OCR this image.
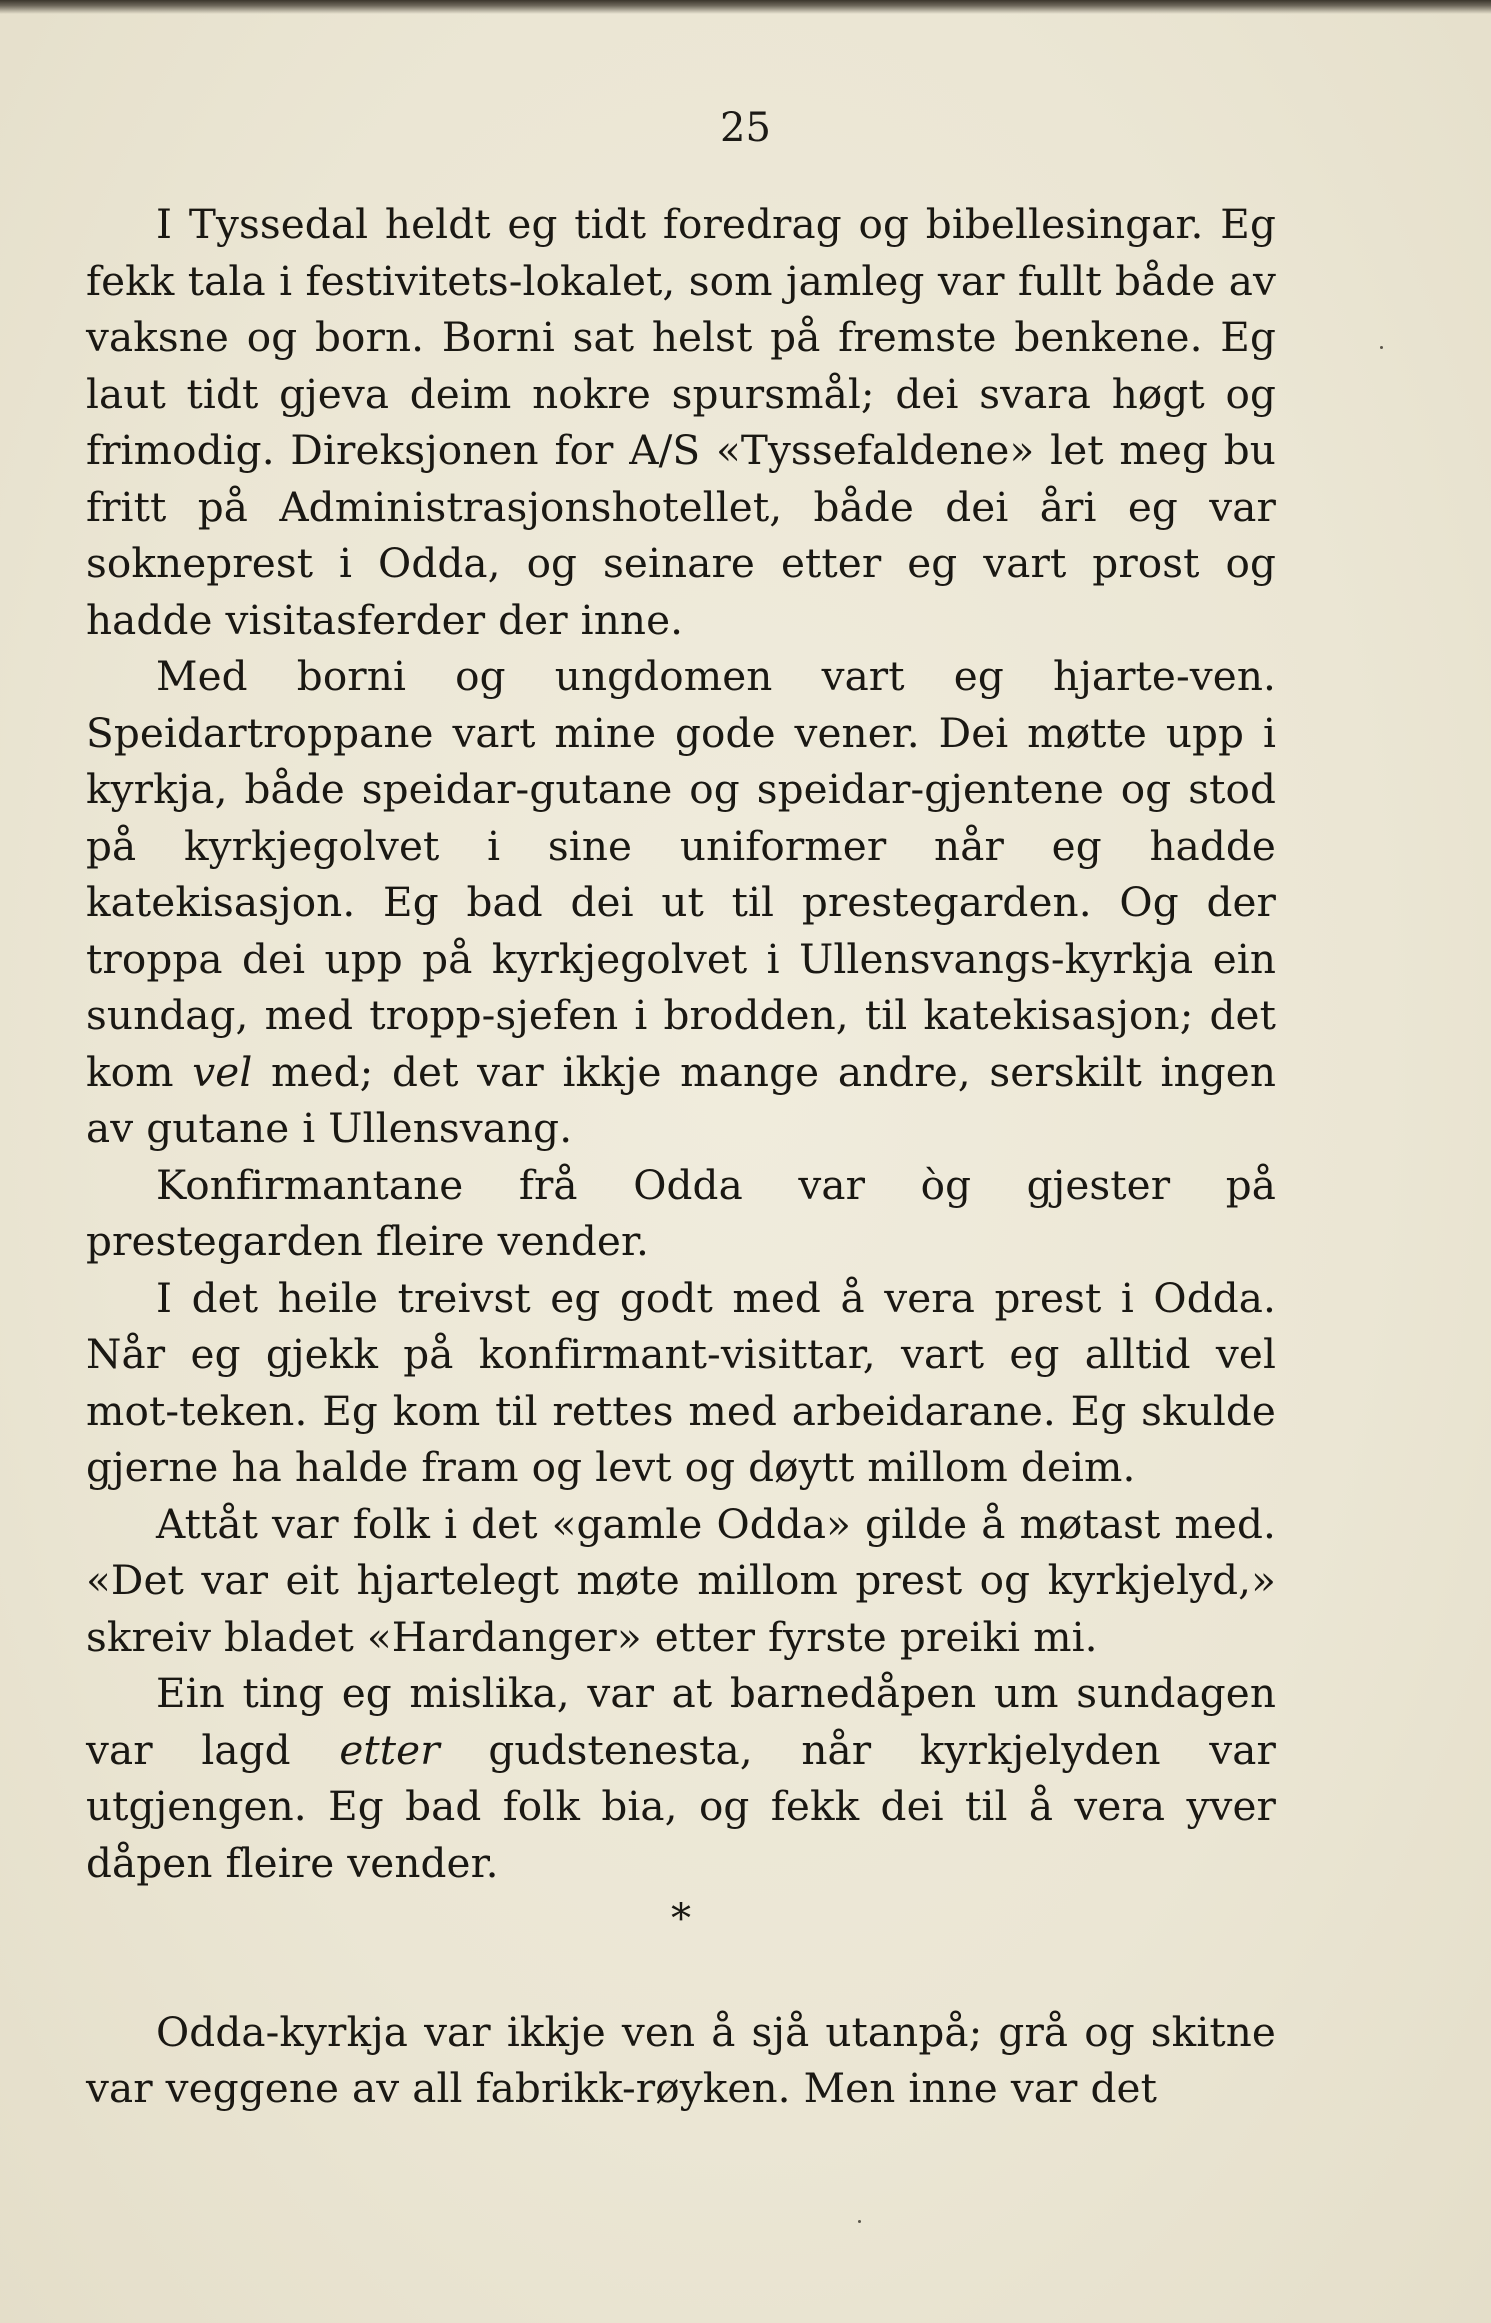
25

I Tyssedal heldt eg tidt foredrag og bibellesingar. Eg fekk tala i festivitets-lokalet, som jamleg var fullt både av vaksne og born. Borni sat helst på fremste benkene. Eg laut tidt gjeva deim nokre spursmål; dei svara høgt og frimodig. Direksjonen for A/S «Tyssefaldene» let meg bu fritt på Administrasjonshotellet, både dei åri eg var sokneprest i Odda, og seinare etter eg vart prost og hadde visitasferder der inne.

Med borni og ungdomen vart eg hjarte-ven. Speidartroppane vart mine gode vener. Dei møtte upp i kyrkja, både speidar-gutane og speidar-gjentene og stod på kyrkjegolvet i sine uniformer når eg hadde katekisasjon. Eg bad dei ut til prestegarden. Og der troppa dei upp på kyrkjegolvet i Ullensvangs-kyrkja ein sundag, med tropp-sjefen i brodden, til katekisasjon; det kom vel med; det var ikkje mange andre, serskilt ingen av gutane i Ullensvang.

Konfirmantane frå Odda var òg gjester på prestegarden fleire vender.

I det heile treivst eg godt med å vera prest i Odda. Når eg gjekk på konfirmant-visittar, vart eg alltid vel mot-teken. Eg kom til rettes med arbeidarane. Eg skulde gjerne ha halde fram og levt og døytt millom deim.

Attåt var folk i det «gamle Odda» gilde å møtast med. «Det var eit hjartelegt møte millom prest og kyrkjelyd,» skreiv bladet «Hardanger» etter fyrste preiki mi.

Ein ting eg mislika, var at barnedåpen um sundagen var lagd etter gudstenesta, når kyrkjelyden var utgjengen. Eg bad folk bia, og fekk dei til å vera yver dåpen fleire vender.

*

Odda-kyrkja var ikkje ven å sjå utanpå; grå og skitne var veggene av all fabrikk-røyken. Men inne var det
